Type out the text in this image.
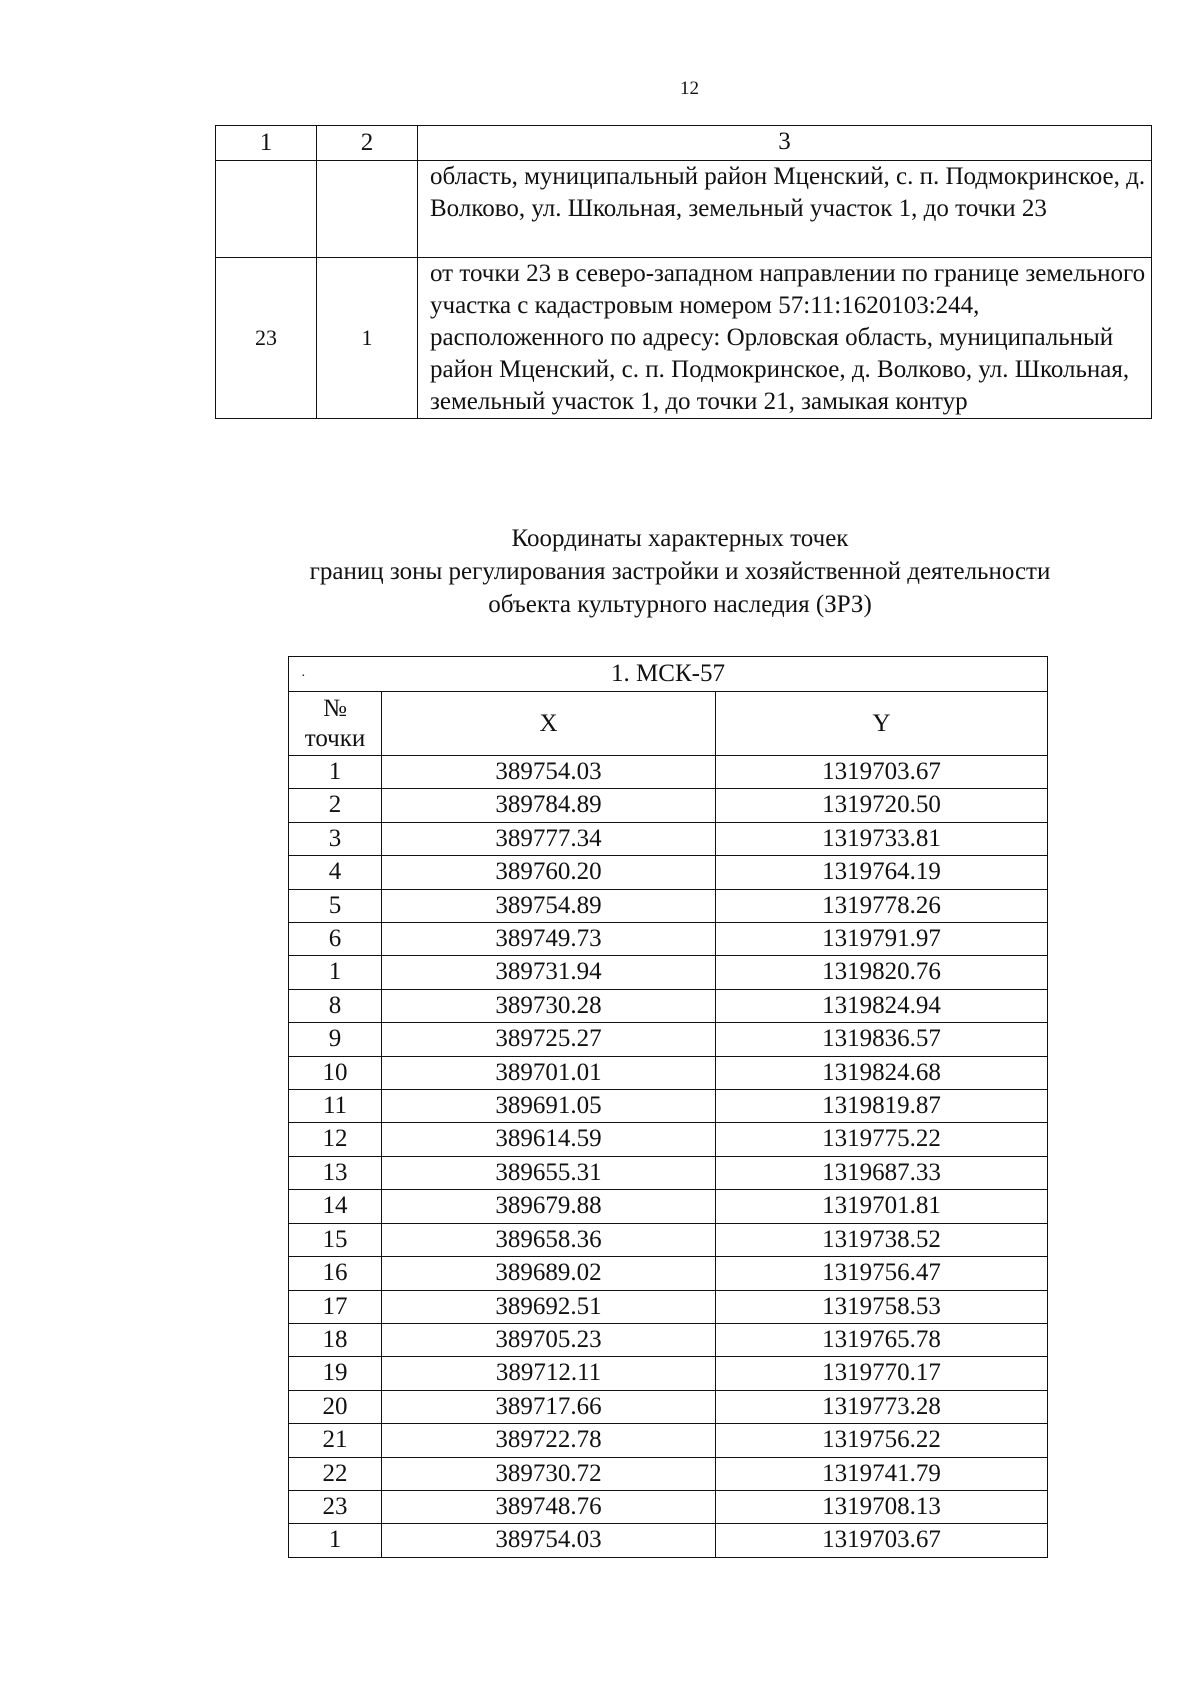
12
1	2	3
		область, муниципальный район Мценский, с. п. Подмокринское, д. Волково, ул. Школьная, земельный участок 1, до точки 23
23	1	от точки 23 в северо-западном направлении по границе земельного участка с кадастровым номером 57:11:1620103:244, расположенного по адресу: Орловская область, муниципальный район Мценский, с. п. Подмокринское, д. Волково, ул. Школьная, земельный участок 1, до точки 21, замыкая контур
Координаты характерных точек
границ зоны регулирования застройки и хозяйственной деятельности
объекта культурного наследия (ЗРЗ)
· 1. МСК-57		

№
точки	X	Y
1	389754.03	1319703.67
2	389784.89	1319720.50
3	389777.34	1319733.81
4	389760.20	1319764.19
5	389754.89	1319778.26
6	389749.73	1319791.97
1	389731.94	1319820.76
8	389730.28	1319824.94
9	389725.27	1319836.57
10	389701.01	1319824.68
11	389691.05	1319819.87
12	389614.59	1319775.22
13	389655.31	1319687.33
14	389679.88	1319701.81
15	389658.36	1319738.52
16	389689.02	1319756.47
17	389692.51	1319758.53
18	389705.23	1319765.78
19	389712.11	1319770.17
20	389717.66	1319773.28
21	389722.78	1319756.22
22	389730.72	1319741.79
23	389748.76	1319708.13
1	389754.03	1319703.67
